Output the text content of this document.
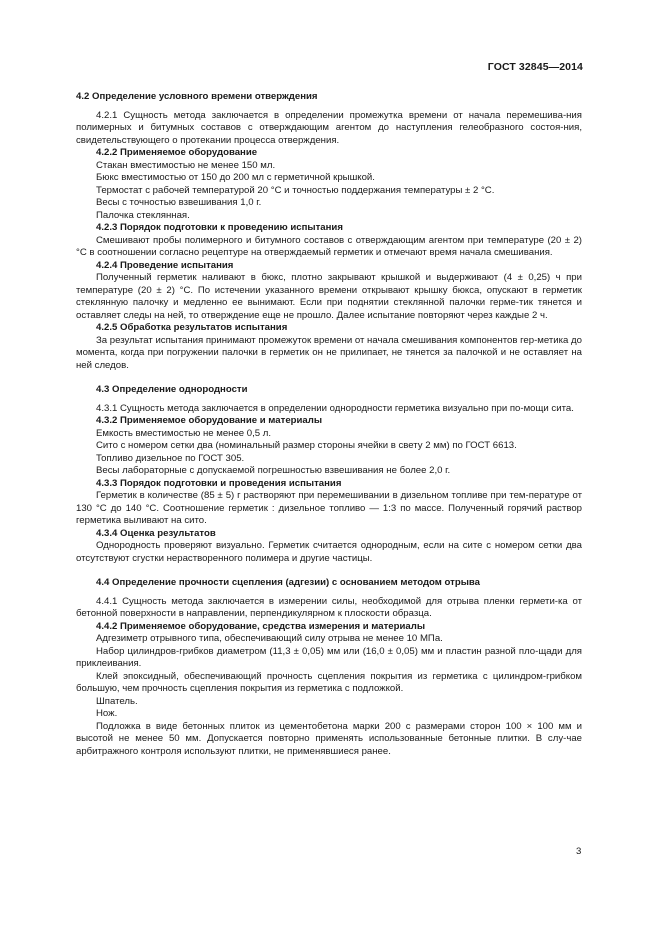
ГОСТ 32845—2014

4.2 Определение условного времени отверждения

4.2.1 Сущность метода заключается в определении промежутка времени от начала перемешива-ния полимерных и битумных составов с отверждающим агентом до наступления гелеобразного состоя-ния, свидетельствующего о протекании процесса отверждения.

4.2.2 Применяемое оборудование

Стакан вместимостью не менее 150 мл.

Бюкс вместимостью от 150 до 200 мл с герметичной крышкой.

Термостат с рабочей температурой 20 °С и точностью поддержания температуры ± 2 °С.

Весы с точностью взвешивания 1,0 г.

Палочка стеклянная.

4.2.3 Порядок подготовки к проведению испытания

Смешивают пробы полимерного и битумного составов с отверждающим агентом при температуре (20 ± 2) °С в соотношении согласно рецептуре на отверждаемый герметик и отмечают время начала смешивания.

4.2.4 Проведение испытания

Полученный герметик наливают в бюкс, плотно закрывают крышкой и выдерживают (4 ± 0,25) ч при температуре (20 ± 2) °С. По истечении указанного времени открывают крышку бюкса, опускают в герметик стеклянную палочку и медленно ее вынимают. Если при поднятии стеклянной палочки герме-тик тянется и оставляет следы на ней, то отверждение еще не прошло. Далее испытание повторяют через каждые 2 ч.

4.2.5 Обработка результатов испытания

За результат испытания принимают промежуток времени от начала смешивания компонентов гер-метика до момента, когда при погружении палочки в герметик он не прилипает, не тянется за палочкой и не оставляет на ней следов.

4.3 Определение однородности

4.3.1 Сущность метода заключается в определении однородности герметика визуально при по-мощи сита.

4.3.2 Применяемое оборудование и материалы

Емкость вместимостью не менее 0,5 л.

Сито с номером сетки два (номинальный размер стороны ячейки в свету 2 мм) по ГОСТ 6613.

Топливо дизельное по ГОСТ 305.

Весы лабораторные с допускаемой погрешностью взвешивания не более 2,0 г.

4.3.3 Порядок подготовки и проведения испытания

Герметик в количестве (85 ± 5) г растворяют при перемешивании в дизельном топливе при тем-пературе от 130 °С до 140 °С. Соотношение герметик : дизельное топливо — 1:3 по массе. Полученный горячий раствор герметика выливают на сито.

4.3.4 Оценка результатов

Однородность проверяют визуально. Герметик считается однородным, если на сите с номером сетки два отсутствуют сгустки нерастворенного полимера и другие частицы.

4.4 Определение прочности сцепления (адгезии) с основанием методом отрыва

4.4.1 Сущность метода заключается в измерении силы, необходимой для отрыва пленки гермети-ка от бетонной поверхности в направлении, перпендикулярном к плоскости образца.

4.4.2 Применяемое оборудование, средства измерения и материалы

Адгезиметр отрывного типа, обеспечивающий силу отрыва не менее 10 МПа.

Набор цилиндров-грибков диаметром (11,3 ± 0,05) мм или (16,0 ± 0,05) мм и пластин разной пло-щади для приклеивания.

Клей эпоксидный, обеспечивающий прочность сцепления покрытия из герметика с цилиндром-грибком большую, чем прочность сцепления покрытия из герметика с подложкой.

Шпатель.

Нож.

Подложка в виде бетонных плиток из цементобетона марки 200 с размерами сторон 100 × 100 мм и высотой не менее 50 мм. Допускается повторно применять использованные бетонные плитки. В слу-чае арбитражного контроля используют плитки, не применявшиеся ранее.

3
